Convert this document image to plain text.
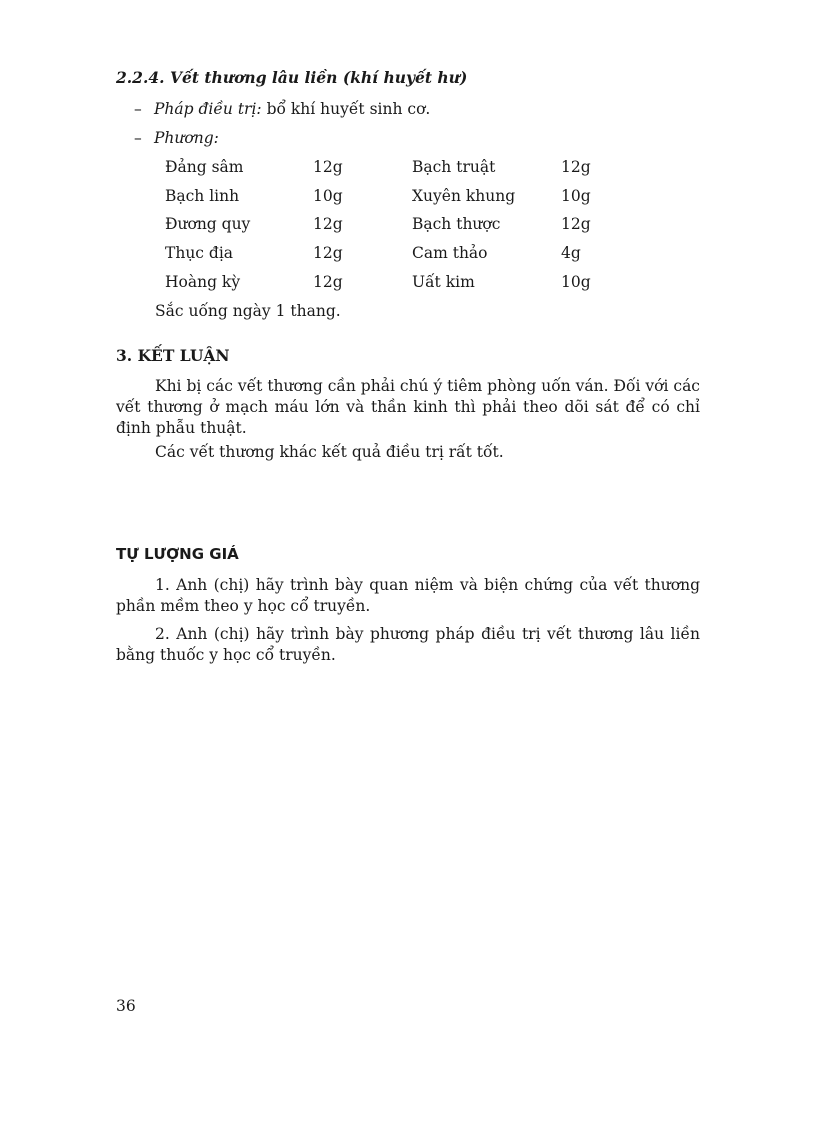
2.2.4. Vết thương lâu liền (khí huyết hư)
– Pháp điều trị: bổ khí huyết sinh cơ.
– Phương:
Đảng sâm	12g	Bạch truật	12g
Bạch linh	10g	Xuyên khung	10g
Đương quy	12g	Bạch thược	12g
Thục địa	12g	Cam thảo	4g
Hoàng kỳ	12g	Uất kim	10g
Sắc uống ngày 1 thang.
3. KẾT LUẬN
Khi bị các vết thương cần phải chú ý tiêm phòng uốn ván. Đối với các vết thương ở mạch máu lớn và thần kinh thì phải theo dõi sát để có chỉ định phẫu thuật.
Các vết thương khác kết quả điều trị rất tốt.
TỰ LƯỢNG GIÁ
1. Anh (chị) hãy trình bày quan niệm và biện chứng của vết thương phần mềm theo y học cổ truyền.
2. Anh (chị) hãy trình bày phương pháp điều trị vết thương lâu liền bằng thuốc y học cổ truyền.
36
